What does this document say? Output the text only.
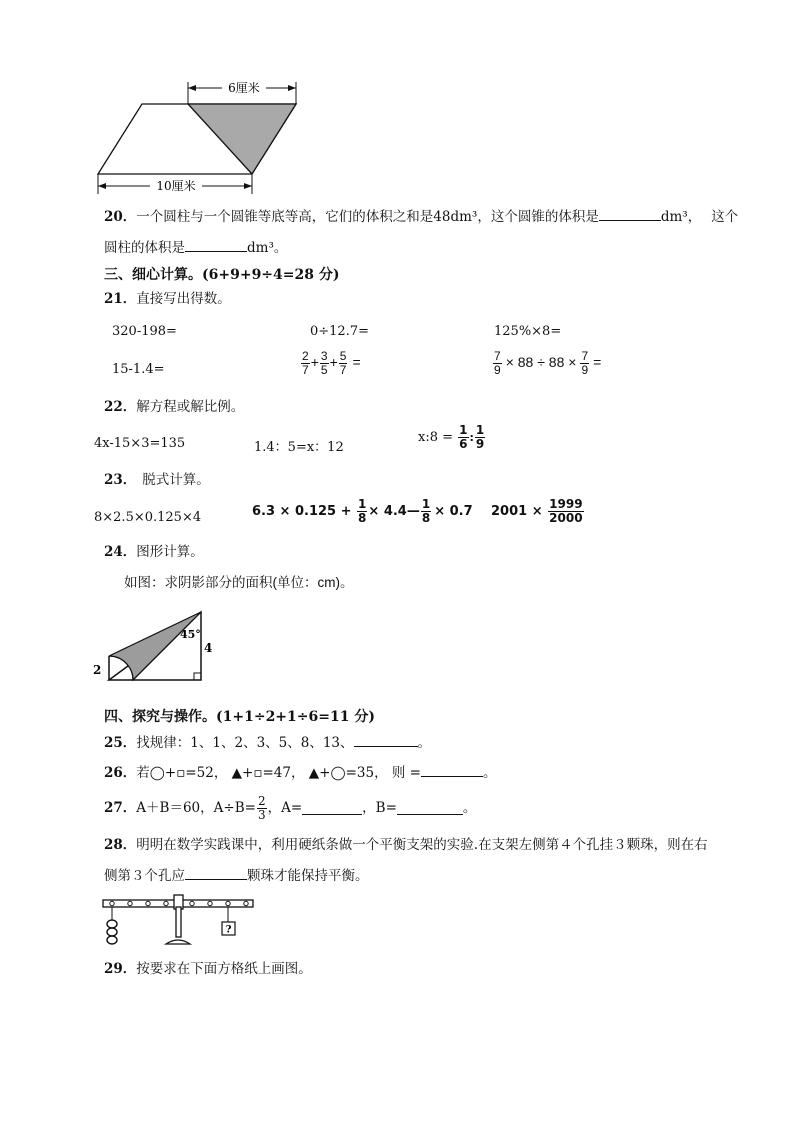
6厘米
10厘米
20．一个圆柱与一个圆锥等底等高，它们的体积之和是48dm³，这个圆锥的体积是	dm³， 这个
圆柱的体积是	dm³。
三、细心计算。(6+9+9÷4=28 分)
21．直接写出得数。
320-198=	0÷12.7=	125%×8=
15-1.4=	$\frac{2}{7} + \frac{3}{5} + \frac{5}{7}$ =	$\frac{7}{9} \times 88 \div 88 \times \frac{7}{9}$ =
22．解方程或解比例。
4x-15×3=135	1.4：5=x：12
x:8 = $\frac{1}{6}$ : $\frac{1}{9}$
23． 脱式计算。
8×2.5×0.125×4	$6.3 \times 0.125 + \frac{1}{8}$ × 4.4— $\frac{1}{8} \times 0.7$ $2001 \times \frac{1999}{2000}$
24．图形计算。
如图：求阴影部分的面积(单位：cm)。
45°
2
4
四、探究与操作。(1+1÷2+1÷6=11 分)
25．找规律：1、1、2、3、5、8、13、	。
26．若◯+▫=52， ▲+▫=47， ▲+◯=35， 则 =	。
27． A＋B＝60，$A\div B= \frac{2}{3}$ ，A=	，B=	。
28．明明在数学实践课中，利用硬纸条做一个平衡支架的实验.在支架左侧第４个孔挂３颗珠，则在右
侧第３个孔应	颗珠才能保持平衡。
?
29．按要求在下面方格纸上画图。
